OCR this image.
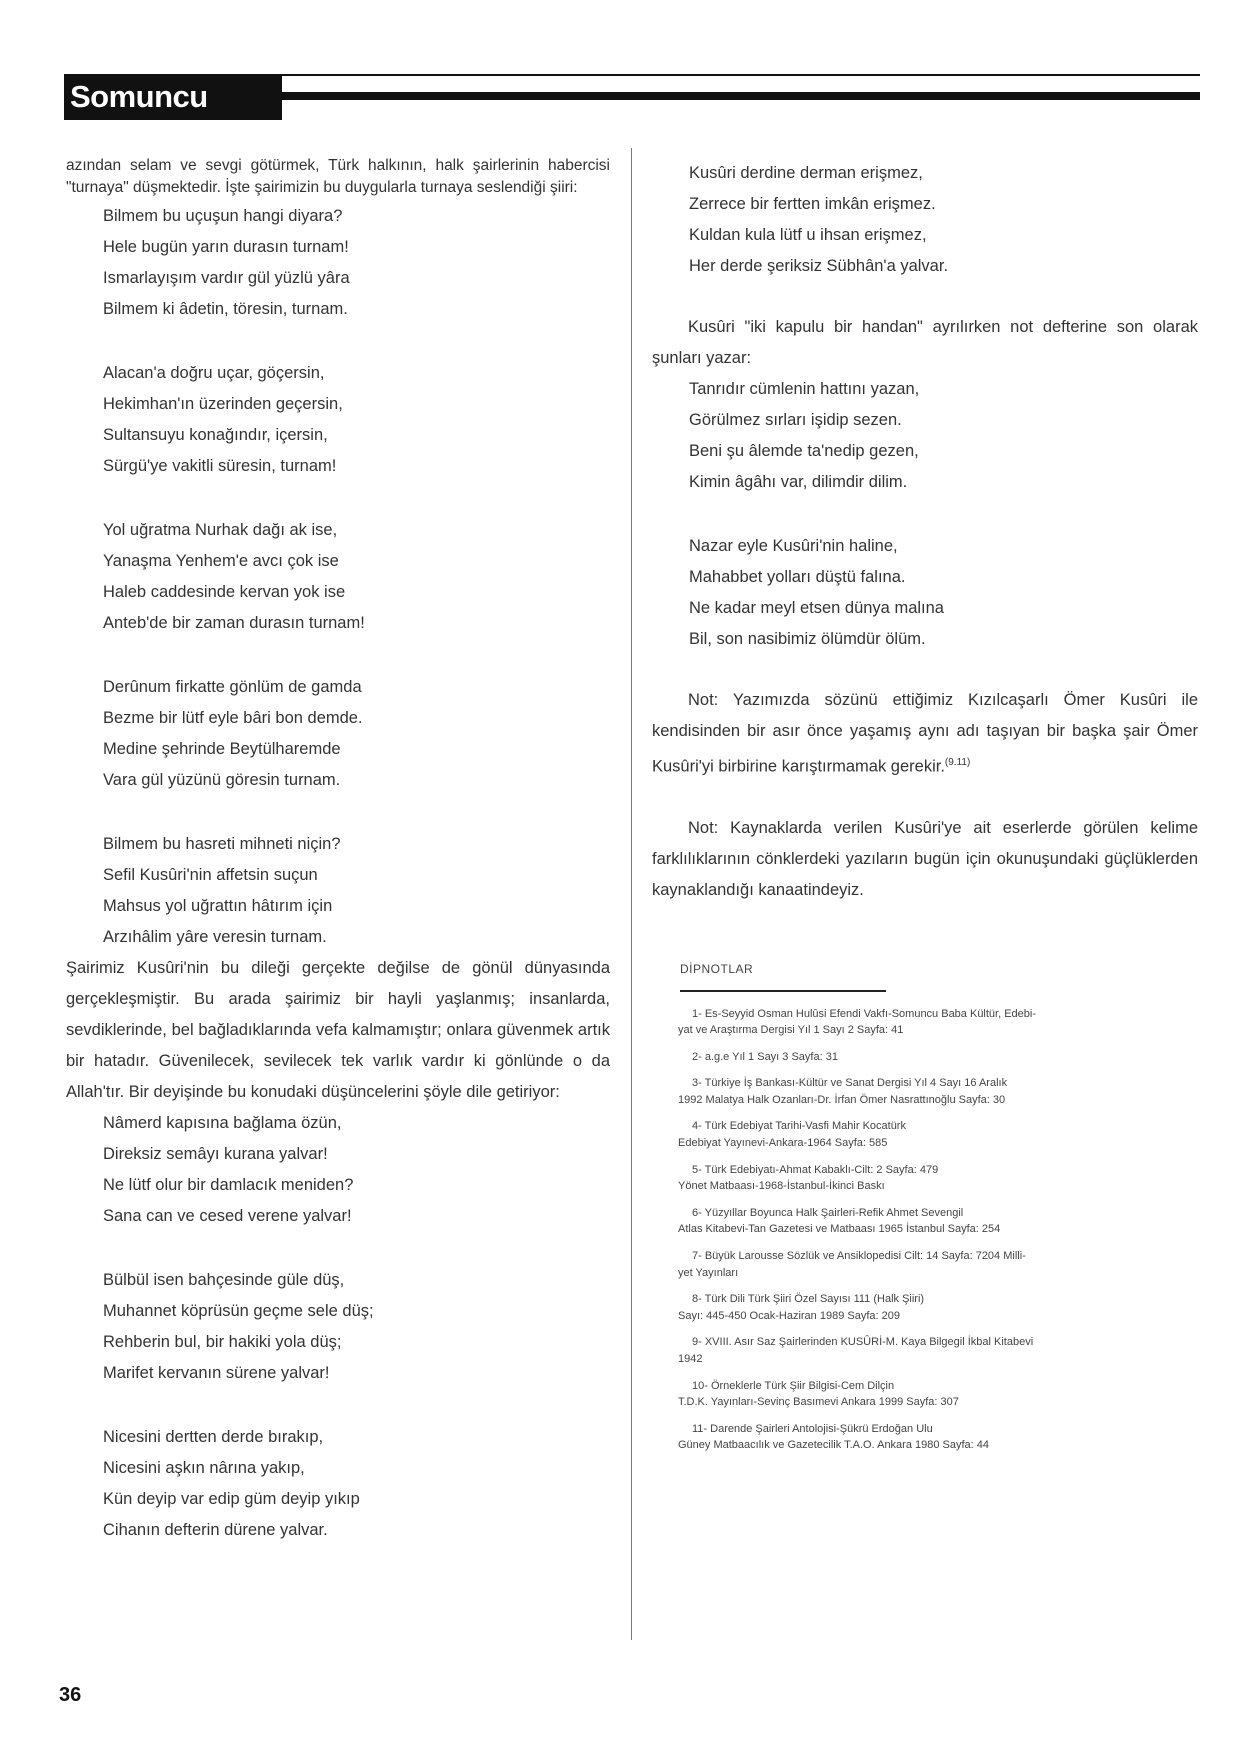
Somuncu Baba

azından selam ve sevgi götürmek, Türk halkının, halk şairlerinin habercisi "turnaya" düşmektedir. İşte şairimizin bu duygularla turnaya seslendiği şiiri:

Bilmem bu uçuşun hangi diyara?
Hele bugün yarın durasın turnam!
Ismarlayışım vardır gül yüzlü yâra
Bilmem ki âdetin, töresin, turnam.
Alacan'a doğru uçar, göçersin,
Hekimhan'ın üzerinden geçersin,
Sultansuyu konağındır, içersin,
Sürgü'ye vakitli süresin, turnam!
Yol uğratma Nurhak dağı ak ise,
Yanaşma Yenhem'e avcı çok ise
Haleb caddesinde kervan yok ise
Anteb'de bir zaman durasın turnam!
Derûnum firkatte gönlüm de gamda
Bezme bir lütf eyle bâri bon demde.
Medine şehrinde Beytülharemde
Vara gül yüzünü göresin turnam.
Bilmem bu hasreti mihneti niçin?
Sefil Kusûri'nin affetsin suçun
Mahsus yol uğrattın hâtırım için
Arzıhâlim yâre veresin turnam.

Şairimiz Kusûri'nin bu dileği gerçekte değilse de gönül dünyasında gerçekleşmiştir. Bu arada şairimiz bir hayli yaşlanmış; insanlarda, sevdiklerinde, bel bağladıklarında vefa kalmamıştır; onlara güvenmek artık bir hatadır. Güvenilecek, sevilecek tek varlık vardır ki gönlünde o da Allah'tır. Bir deyişinde bu konudaki düşüncelerini şöyle dile getiriyor:

Nâmerd kapısına bağlama özün,
Direksiz semâyı kurana yalvar!
Ne lütf olur bir damlacık meniden?
Sana can ve cesed verene yalvar!
Bülbül isen bahçesinde güle düş,
Muhannet köprüsün geçme sele düş;
Rehberin bul, bir hakiki yola düş;
Marifet kervanın sürene yalvar!
Nicesini dertten derde bırakıp,
Nicesini aşkın nârına yakıp,
Kün deyip var edip güm deyip yıkıp
Cihanın defterin dürene yalvar.
Kusûri derdine derman erişmez,
Zerrece bir fertten imkân erişmez.
Kuldan kula lütf u ihsan erişmez,
Her derde şeriksiz Sübhân'a yalvar.

Kusûri "iki kapulu bir handan" ayrılırken not defterine son olarak şunları yazar:

Tanrıdır cümlenin hattını yazan,
Görülmez sırları işidip sezen.
Beni şu âlemde ta'nedip gezen,
Kimin âgâhı var, dilimdir dilim.
Nazar eyle Kusûri'nin haline,
Mahabbet yolları düştü falına.
Ne kadar meyl etsen dünya malına
Bil, son nasibimiz ölümdür ölüm.

Not: Yazımızda sözünü ettiğimiz Kızılcaşarlı Ömer Kusûri ile kendisinden bir asır önce yaşamış aynı adı taşıyan bir başka şair Ömer Kusûri'yi birbirine karıştırmamak gerekir.$^{(9.11)}$

Not: Kaynaklarda verilen Kusûri'ye ait eserlerde görülen kelime farklılıklarının cönklerdeki yazıların bugün için okunuşundaki güçlüklerden kaynaklandığı kanaatindeyiz.

DİPNOTLAR
1- Es-Seyyid Osman Hulûsi Efendi Vakfı-Somuncu Baba Kültür, Edebi-
yat ve Araştırma Dergisi Yıl 1 Sayı 2 Sayfa: 41
2- a.g.e Yıl 1 Sayı 3 Sayfa: 31
3- Türkiye İş Bankası-Kültür ve Sanat Dergisi Yıl 4 Sayı 16 Aralık
1992 Malatya Halk Ozanları-Dr. İrfan Ömer Nasrattınoğlu Sayfa: 30
4- Türk Edebiyat Tarihi-Vasfi Mahir Kocatürk
Edebiyat Yayınevi-Ankara-1964 Sayfa: 585
5- Türk Edebiyatı-Ahmat Kabaklı-Cilt: 2 Sayfa: 479
Yönet Matbaası-1968-İstanbul-İkinci Baskı
6- Yüzyıllar Boyunca Halk Şairleri-Refik Ahmet Sevengil
Atlas Kitabevi-Tan Gazetesi ve Matbaası 1965 İstanbul Sayfa: 254
7- Büyük Larousse Sözlük ve Ansiklopedisi Cilt: 14 Sayfa: 7204 Milli-
yet Yayınları
8- Türk Dili Türk Şiiri Özel Sayısı 111 (Halk Şiiri)
Sayı: 445-450 Ocak-Haziran 1989 Sayfa: 209
9- XVIII. Asır Saz Şairlerinden KUSÛRİ-M. Kaya Bilgegil İkbal Kitabevi
1942
10- Örneklerle Türk Şiir Bilgisi-Cem Dilçin
T.D.K. Yayınları-Sevinç Basımevi Ankara 1999 Sayfa: 307
11- Darende Şairleri Antolojisi-Şükrü Erdoğan Ulu
Güney Matbaacılık ve Gazetecilik T.A.O. Ankara 1980 Sayfa: 44
36
